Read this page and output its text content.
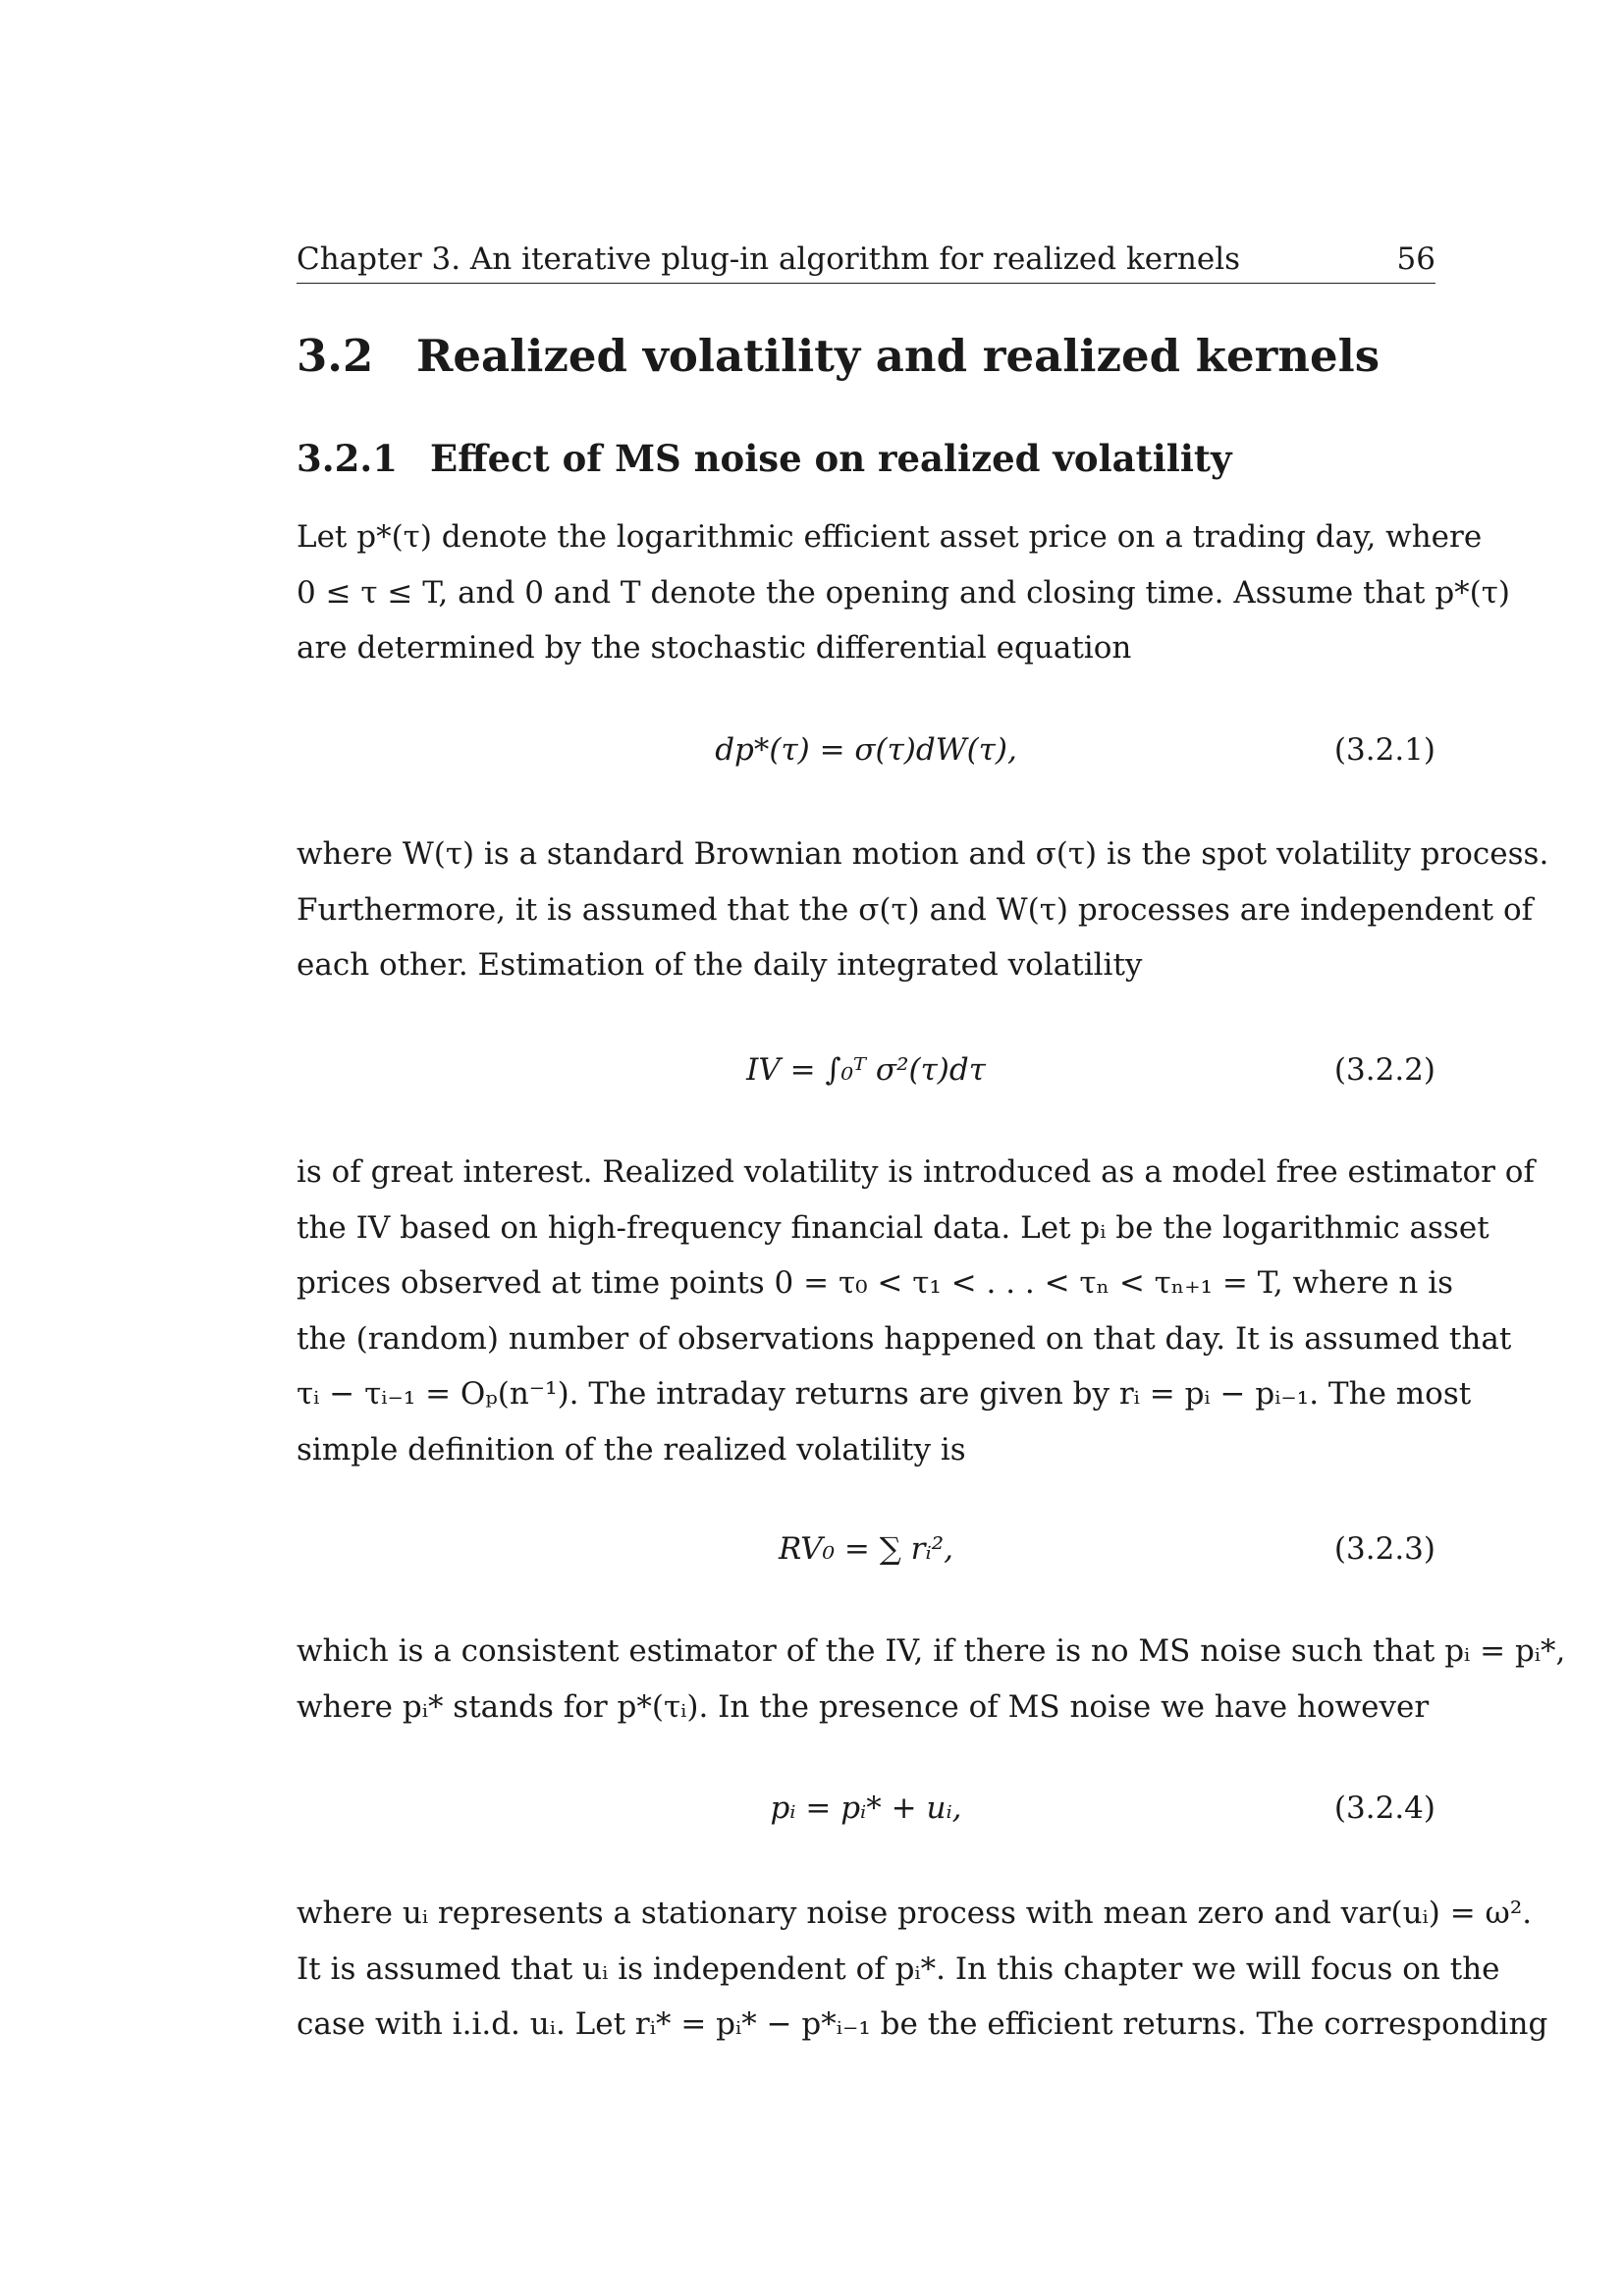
Chapter 3. An iterative plug-in algorithm for realized kernels	56
3.2 Realized volatility and realized kernels
3.2.1 Effect of MS noise on realized volatility
Let p*(τ) denote the logarithmic efficient asset price on a trading day, where
0 ≤ τ ≤ T, and 0 and T denote the opening and closing time. Assume that p*(τ)
are determined by the stochastic differential equation
dp*(τ) = σ(τ)dW(τ),	(3.2.1)
where W(τ) is a standard Brownian motion and σ(τ) is the spot volatility process.
Furthermore, it is assumed that the σ(τ) and W(τ) processes are independent of
each other. Estimation of the daily integrated volatility
IV = ∫₀ᵀ σ²(τ)dτ	(3.2.2)
is of great interest. Realized volatility is introduced as a model free estimator of
the IV based on high-frequency financial data. Let pᵢ be the logarithmic asset
prices observed at time points 0 = τ₀ < τ₁ < . . . < τₙ < τₙ₊₁ = T, where n is
the (random) number of observations happened on that day. It is assumed that
τᵢ − τᵢ₋₁ = Oₚ(n⁻¹). The intraday returns are given by rᵢ = pᵢ − pᵢ₋₁. The most
simple definition of the realized volatility is
RV₀ = ∑ rᵢ²,	(3.2.3)
which is a consistent estimator of the IV, if there is no MS noise such that pᵢ = pᵢ*,
where pᵢ* stands for p*(τᵢ). In the presence of MS noise we have however
pᵢ = pᵢ* + uᵢ,	(3.2.4)
where uᵢ represents a stationary noise process with mean zero and var(uᵢ) = ω².
It is assumed that uᵢ is independent of pᵢ*. In this chapter we will focus on the
case with i.i.d. uᵢ. Let rᵢ* = pᵢ* − p*ᵢ₋₁ be the efficient returns. The corresponding
